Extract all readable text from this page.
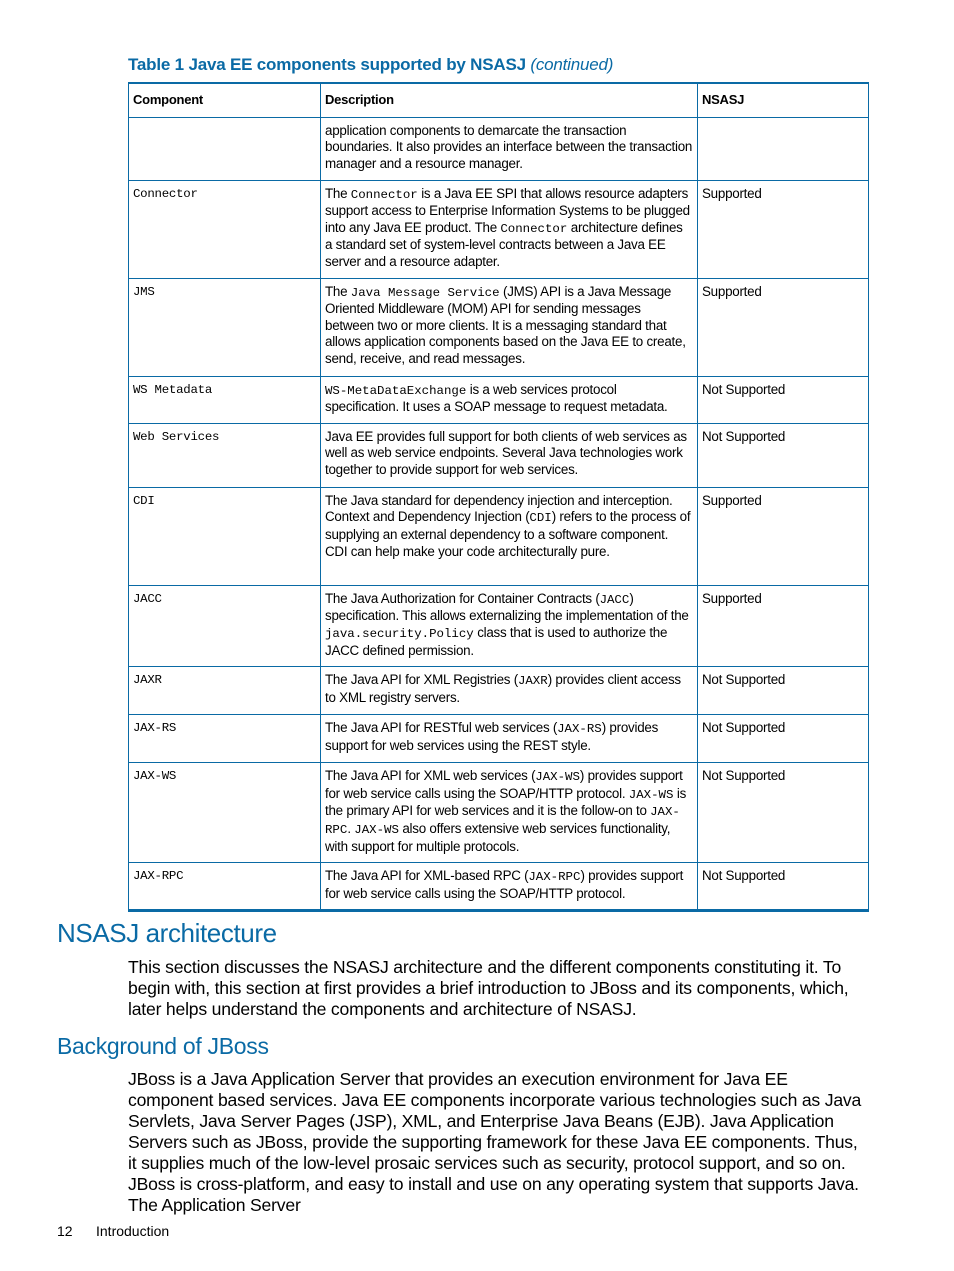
Table 1 Java EE components supported by NSASJ (continued)
Component	Description	NSASJ
	application components to demarcate the transaction boundaries. It also provides an interface between the transaction manager and a resource manager.	
Connector	The Connector is a Java EE SPI that allows resource adapters support access to Enterprise Information Systems to be plugged into any Java EE product. The Connector architecture defines a standard set of system-level contracts between a Java EE server and a resource adapter.	Supported
JMS	The Java Message Service (JMS) API is a Java Message Oriented Middleware (MOM) API for sending messages between two or more clients. It is a messaging standard that allows application components based on the Java EE to create, send, receive, and read messages.	Supported
WS Metadata	WS-MetaDataExchange is a web services protocol specification. It uses a SOAP message to request metadata.	Not Supported
Web Services	Java EE provides full support for both clients of web services as well as web service endpoints. Several Java technologies work together to provide support for web services.	Not Supported
CDI	The Java standard for dependency injection and interception. Context and Dependency Injection (CDI) refers to the process of supplying an external dependency to a software component. CDI can help make your code architecturally pure.	Supported
JACC	The Java Authorization for Container Contracts (JACC) specification. This allows externalizing the implementation of the java.security.Policy class that is used to authorize the JACC defined permission.	Supported
JAXR	The Java API for XML Registries (JAXR) provides client access to XML registry servers.	Not Supported
JAX-RS	The Java API for RESTful web services (JAX-RS) provides support for web services using the REST style.	Not Supported
JAX-WS	The Java API for XML web services (JAX-WS) provides support for web service calls using the SOAP/HTTP protocol. JAX-WS is the primary API for web services and it is the follow-on to JAX-RPC. JAX-WS also offers extensive web services functionality, with support for multiple protocols.	Not Supported
JAX-RPC	The Java API for XML-based RPC (JAX-RPC) provides support for web service calls using the SOAP/HTTP protocol.	Not Supported
NSASJ architecture

This section discusses the NSASJ architecture and the different components constituting it. To begin with, this section at first provides a brief introduction to JBoss and its components, which, later helps understand the components and architecture of NSASJ.

Background of JBoss

JBoss is a Java Application Server that provides an execution environment for Java EE component based services. Java EE components incorporate various technologies such as Java Servlets, Java Server Pages (JSP), XML, and Enterprise Java Beans (EJB). Java Application Servers such as JBoss, provide the supporting framework for these Java EE components. Thus, it supplies much of the low-level prosaic services such as security, protocol support, and so on. JBoss is cross-platform, and easy to install and use on any operating system that supports Java. The Application Server

12 Introduction
